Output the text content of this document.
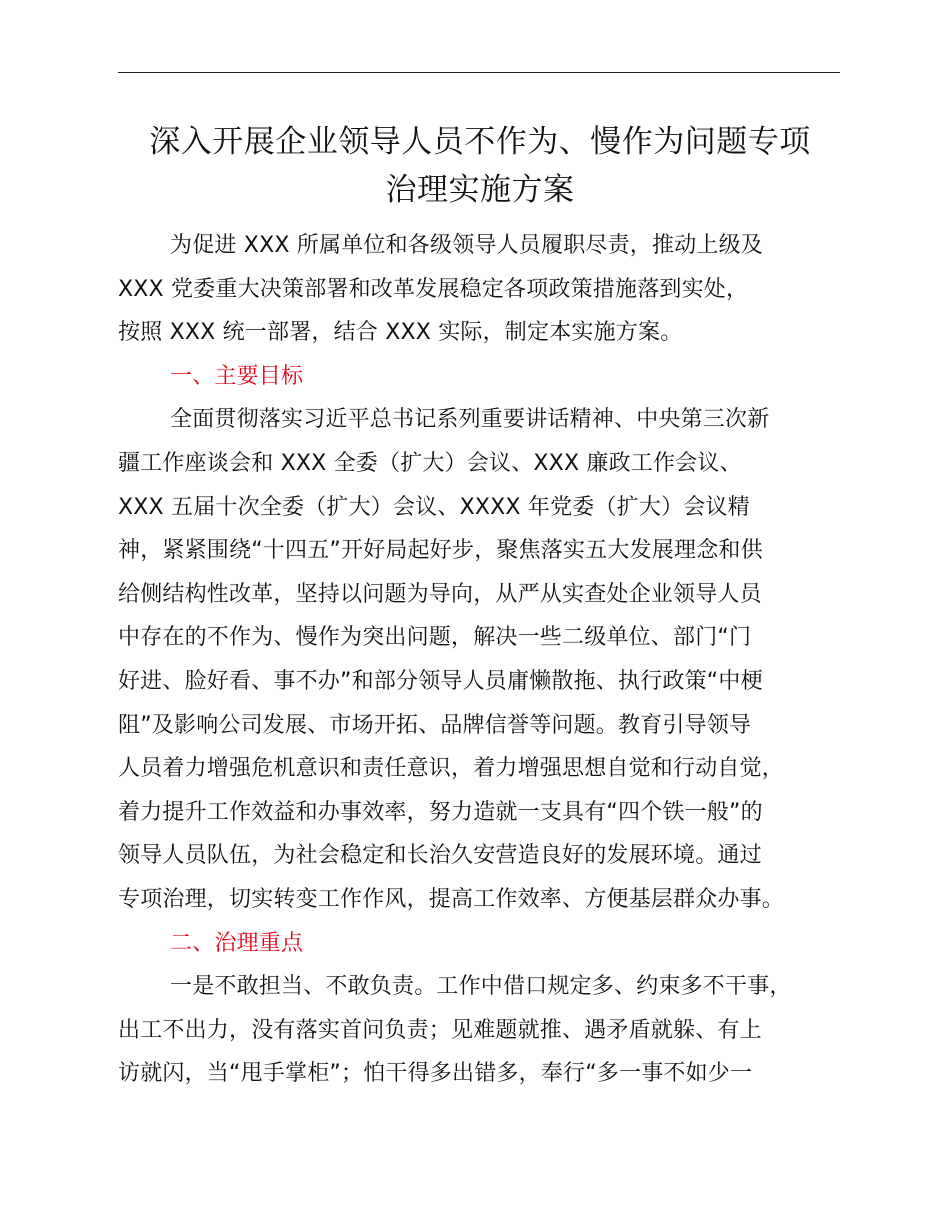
深入开展企业领导人员不作为、慢作为问题专项
治理实施方案
为促进 XXX 所属单位和各级领导人员履职尽责，推动上级及
XXX 党委重大决策部署和改革发展稳定各项政策措施落到实处，
按照 XXX 统一部署，结合 XXX 实际，制定本实施方案。
一、主要目标
全面贯彻落实习近平总书记系列重要讲话精神、中央第三次新
疆工作座谈会和 XXX 全委（扩大）会议、XXX 廉政工作会议、
XXX 五届十次全委（扩大）会议、XXXX 年党委（扩大）会议精
神，紧紧围绕“十四五”开好局起好步，聚焦落实五大发展理念和供
给侧结构性改革，坚持以问题为导向，从严从实查处企业领导人员
中存在的不作为、慢作为突出问题，解决一些二级单位、部门“门
好进、脸好看、事不办”和部分领导人员庸懒散拖、执行政策“中梗
阻”及影响公司发展、市场开拓、品牌信誉等问题。教育引导领导
人员着力增强危机意识和责任意识，着力增强思想自觉和行动自觉，
着力提升工作效益和办事效率，努力造就一支具有“四个铁一般”的
领导人员队伍，为社会稳定和长治久安营造良好的发展环境。通过
专项治理，切实转变工作作风，提高工作效率、方便基层群众办事。
二、治理重点
一是不敢担当、不敢负责。工作中借口规定多、约束多不干事，
出工不出力，没有落实首问负责；见难题就推、遇矛盾就躲、有上
访就闪，当“甩手掌柜”；怕干得多出错多，奉行“多一事不如少一
